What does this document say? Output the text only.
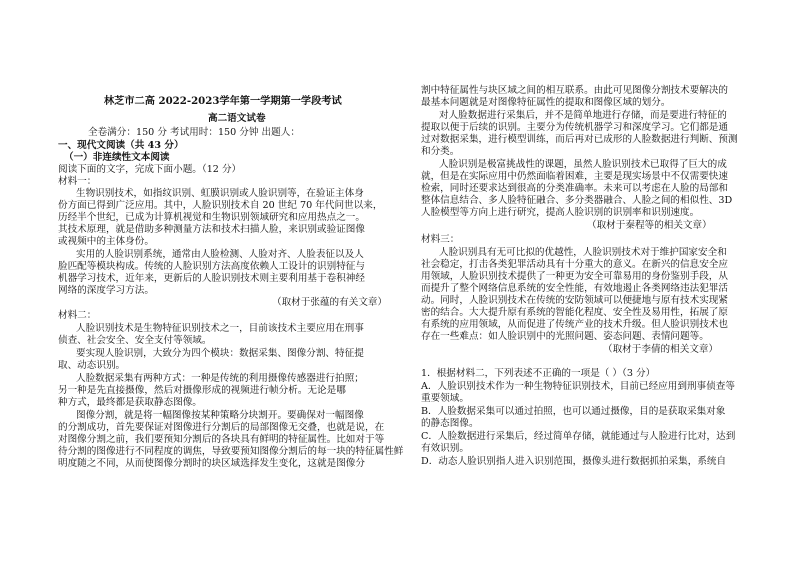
林芝市二高 2022-2023学年第一学期第一学段考试
高二语文试卷
全卷满分：150 分 考试用时：150 分钟 出题人：
一、现代文阅读（共 43 分）
（一）非连续性文本阅读
阅读下面的文字，完成下面小题。（12 分）
材料一：
生物识别技术，如指纹识别、虹膜识别或人脸识别等，在验证主体身
份方面已得到广泛应用。其中，人脸识别技术自 20 世纪 70 年代问世以来，
历经半个世纪，已成为计算机视觉和生物识别领域研究和应用热点之一。
其技术原理，就是借助多种测量方法和技术扫描人脸，来识别或验证图像
或视频中的主体身份。
实用的人脸识别系统，通常由人脸检测、人脸对齐、人脸表征以及人
脸匹配等模块构成。传统的人脸识别方法高度依赖人工设计的识别特征与
机器学习技术，近年来，更新后的人脸识别技术则主要利用基于卷积神经
网络的深度学习方法。
（取材于张蕴的有关文章）
材料二：
人脸识别技术是生物特征识别技术之一，目前该技术主要应用在刑事
侦查、社会安全、安全支付等领域。
要实现人脸识别，大致分为四个模块：数据采集、图像分割、特征提
取、动态识别。
人脸数据采集有两种方式：一种是传统的利用摄像传感器进行拍照；
另一种是先直接摄像，然后对摄像形成的视频进行帧分析。无论是哪
种方式，最终都是获取静态图像。
图像分割，就是将一幅图像按某种策略分块割开。要确保对一幅图像
的分割成功，首先要保证对图像进行分割后的局部图像无交叠，也就是说，在
对图像分割之前，我们要预知分割后的各块具有鲜明的特征属性。比如对于等
待分割的图像进行不同程度的调焦，导致要预知图像分割后的每一块的特征属性鲜
明度随之不同，从而使图像分割时的块区域选择发生变化，这就是图像分
割中特征属性与块区域之间的相互联系。由此可见图像分割技术要解决的
最基本问题就是对图像特征属性的提取和图像区域的划分。
对人脸数据进行采集后，并不是简单地进行存储，而是要进行特征的
提取以便于后续的识别。主要分为传统机器学习和深度学习。它们都是通
过对数据采集，进行模型训练，而后再对已成形的人脸数据进行判断、预测
和分类。
人脸识别是极富挑战性的课题，虽然人脸识别技术已取得了巨大的成
就，但是在实际应用中仍然面临着困难，主要是现实场景中不仅需要快速
检索，同时还要求达到很高的分类准确率。未来可以考虑在人脸的局部和
整体信息结合、多人脸特征融合、多分类器融合、人脸之间的相似性、3D
人脸模型等方向上进行研究，提高人脸识别的识别率和识别速度。
（取材于秦程等的相关文章）
材料三：
人脸识别具有无可比拟的优越性，人脸识别技术对于维护国家安全和
社会稳定，打击各类犯罪活动具有十分重大的意义。在新兴的信息安全应
用领域，人脸识别技术提供了一种更为安全可靠易用的身份鉴别手段，从
而提升了整个网络信息系统的安全性能，有效地遏止各类网络违法犯罪活
动。同时，人脸识别技术在传统的安防领域可以便捷地与原有技术实现紧
密的结合。大大提升原有系统的智能化程度、安全性及易用性，拓展了原
有系统的应用领域，从而促进了传统产业的技术升级。但人脸识别技术也
存在一些难点：如人脸识别中的光照问题、姿态问题、表情问题等。
（取材于李倩的相关文章）
1．根据材料二，下列表述不正确的一项是（ ）（3 分）
A．人脸识别技术作为一种生物特征识别技术，目前已经应用到刑事侦查等
重要领域。
B．人脸数据采集可以通过拍照，也可以通过摄像，目的是获取采集对象
的静态图像。
C．人脸数据进行采集后，经过简单存储，就能通过与人脸进行比对，达到
有效识别。
D．动态人脸识别指人进入识别范围，摄像头进行数据抓拍采集，系统自
